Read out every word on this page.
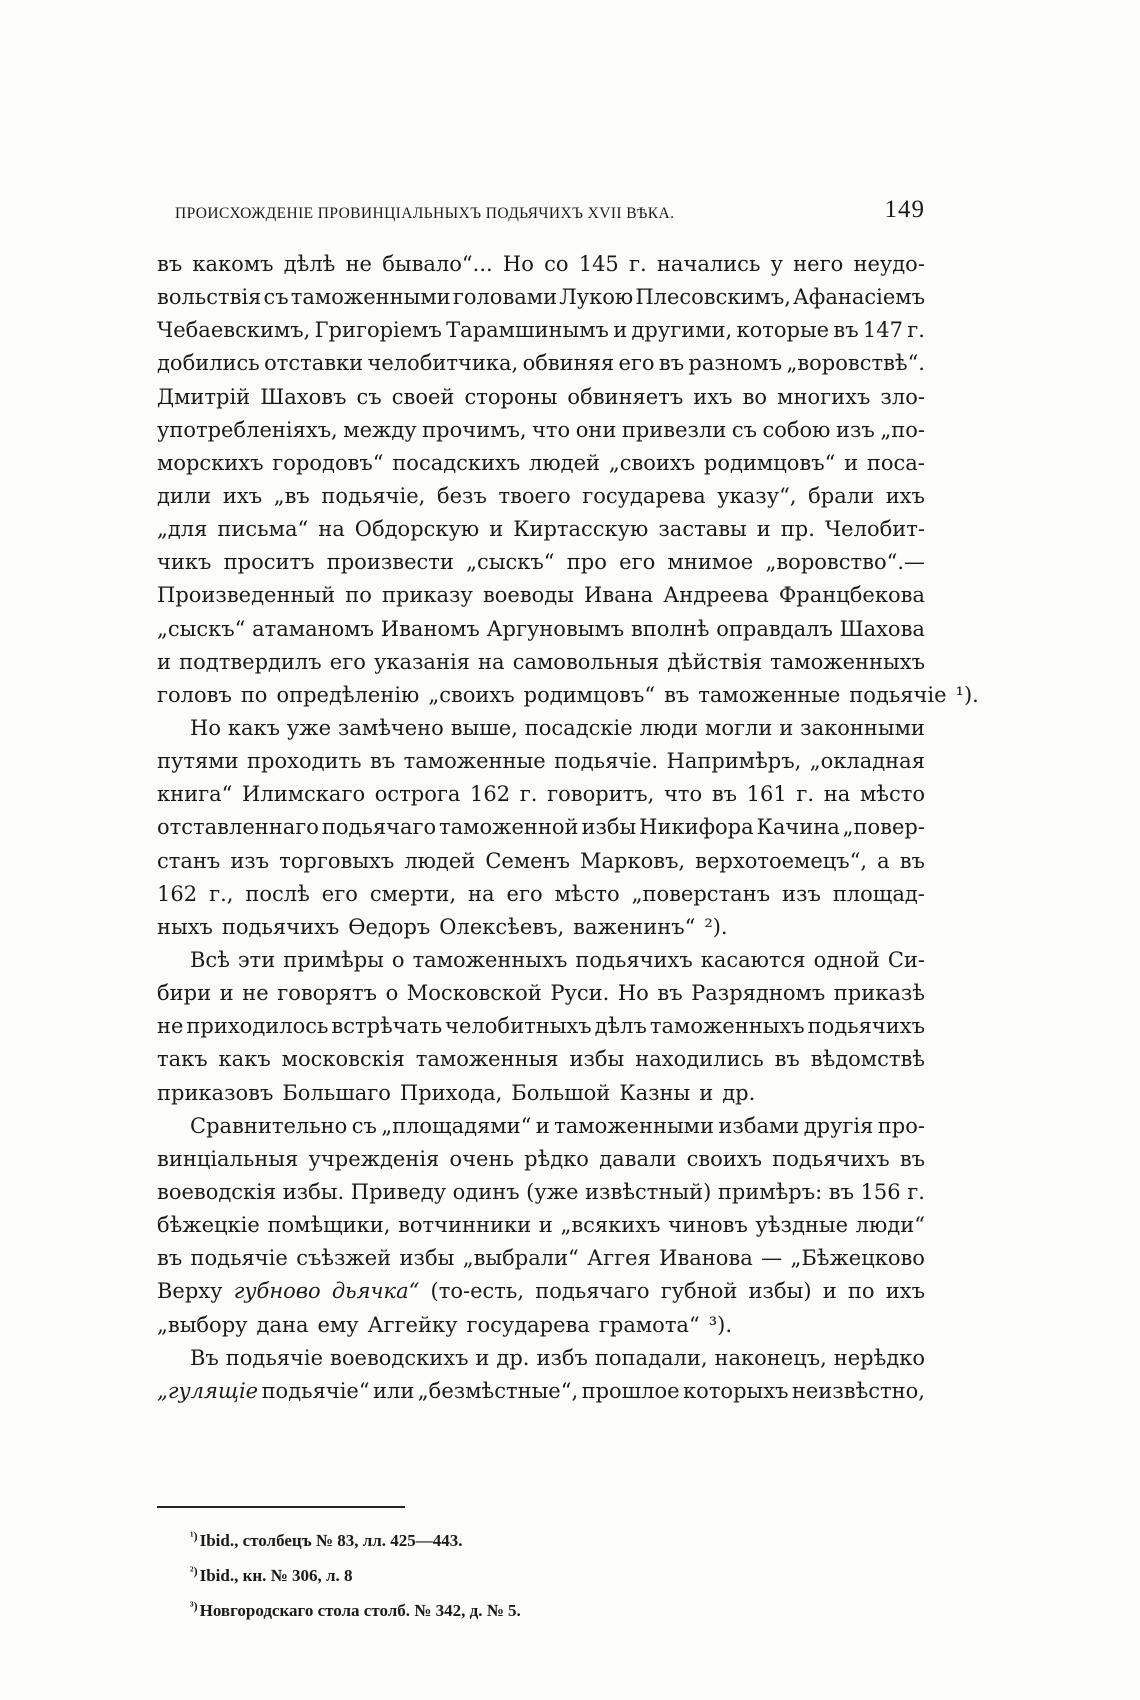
ПРОИСХОЖДЕНІЕ ПРОВИНЦІАЛЬНЫХЪ ПОДЬЯЧИХЪ XVII ВѢКА.	149
въ какомъ дѣлѣ не бывало“... Но со 145 г. начались у него неудо-
вольствія съ таможенными головами Лукою Плесовскимъ, Афанасіемъ
Чебаевскимъ, Григоріемъ Тарамшинымъ и другими, которые въ 147 г.
добились отставки челобитчика, обвиняя его въ разномъ „воровствѣ“.
Дмитрій Шаховъ съ своей стороны обвиняетъ ихъ во многихъ зло-
употребленіяхъ, между прочимъ, что они привезли съ собою изъ „по-
морскихъ городовъ“ посадскихъ людей „своихъ родимцовъ“ и поса-
дили ихъ „въ подьячіе, безъ твоего государева указу“, брали ихъ
„для письма“ на Обдорскую и Киртасскую заставы и пр. Челобит-
чикъ проситъ произвести „сыскъ“ про его мнимое „воровство“.—
Произведенный по приказу воеводы Ивана Андреева Францбекова
„сыскъ“ атаманомъ Иваномъ Аргуновымъ вполнѣ оправдалъ Шахова
и подтвердилъ его указанія на самовольныя дѣйствія таможенныхъ
головъ по опредѣленію „своихъ родимцовъ“ въ таможенные подьячіе ¹).
Но какъ уже замѣчено выше, посадскіе люди могли и законными
путями проходить въ таможенные подьячіе. Напримѣръ, „окладная
книга“ Илимскаго острога 162 г. говоритъ, что въ 161 г. на мѣсто
отставленнаго подьячаго таможенной избы Никифора Качина „повер-
станъ изъ торговыхъ людей Семенъ Марковъ, верхотоемецъ“, а въ
162 г., послѣ его смерти, на его мѣсто „поверстанъ изъ площад-
ныхъ подьячихъ Ѳедоръ Олексѣевъ, важенинъ“ ²).
Всѣ эти примѣры о таможенныхъ подьячихъ касаются одной Си-
бири и не говорятъ о Московской Руси. Но въ Разрядномъ приказѣ
не приходилось встрѣчать челобитныхъ дѣлъ таможенныхъ подьячихъ
такъ какъ московскія таможенныя избы находились въ вѣдомствѣ
приказовъ Большаго Прихода, Большой Казны и др.
Сравнительно съ „площадями“ и таможенными избами другія про-
винціальныя учрежденія очень рѣдко давали своихъ подьячихъ въ
воеводскія избы. Приведу одинъ (уже извѣстный) примѣръ: въ 156 г.
бѣжецкіе помѣщики, вотчинники и „всякихъ чиновъ уѣздные люди“
въ подьячіе съѣзжей избы „выбрали“ Аггея Иванова — „Бѣжецково
Верху губново дьячка“ (то-есть, подьячаго губной избы) и по ихъ
„выбору дана ему Аггейку государева грамота“ ³).
Въ подьячіе воеводскихъ и др. избъ попадали, наконецъ, нерѣдко
„гулящіе подьячіе“ или „безмѣстные“, прошлое которыхъ неизвѣстно,
$^{^1)}$ Ibid., столбецъ № 83, лл. 425—443.
$^{^2)}$ Ibid., кн. № 306, л. 8
$^{^3)}$ Новгородскаго стола столб. № 342, д. № 5.
